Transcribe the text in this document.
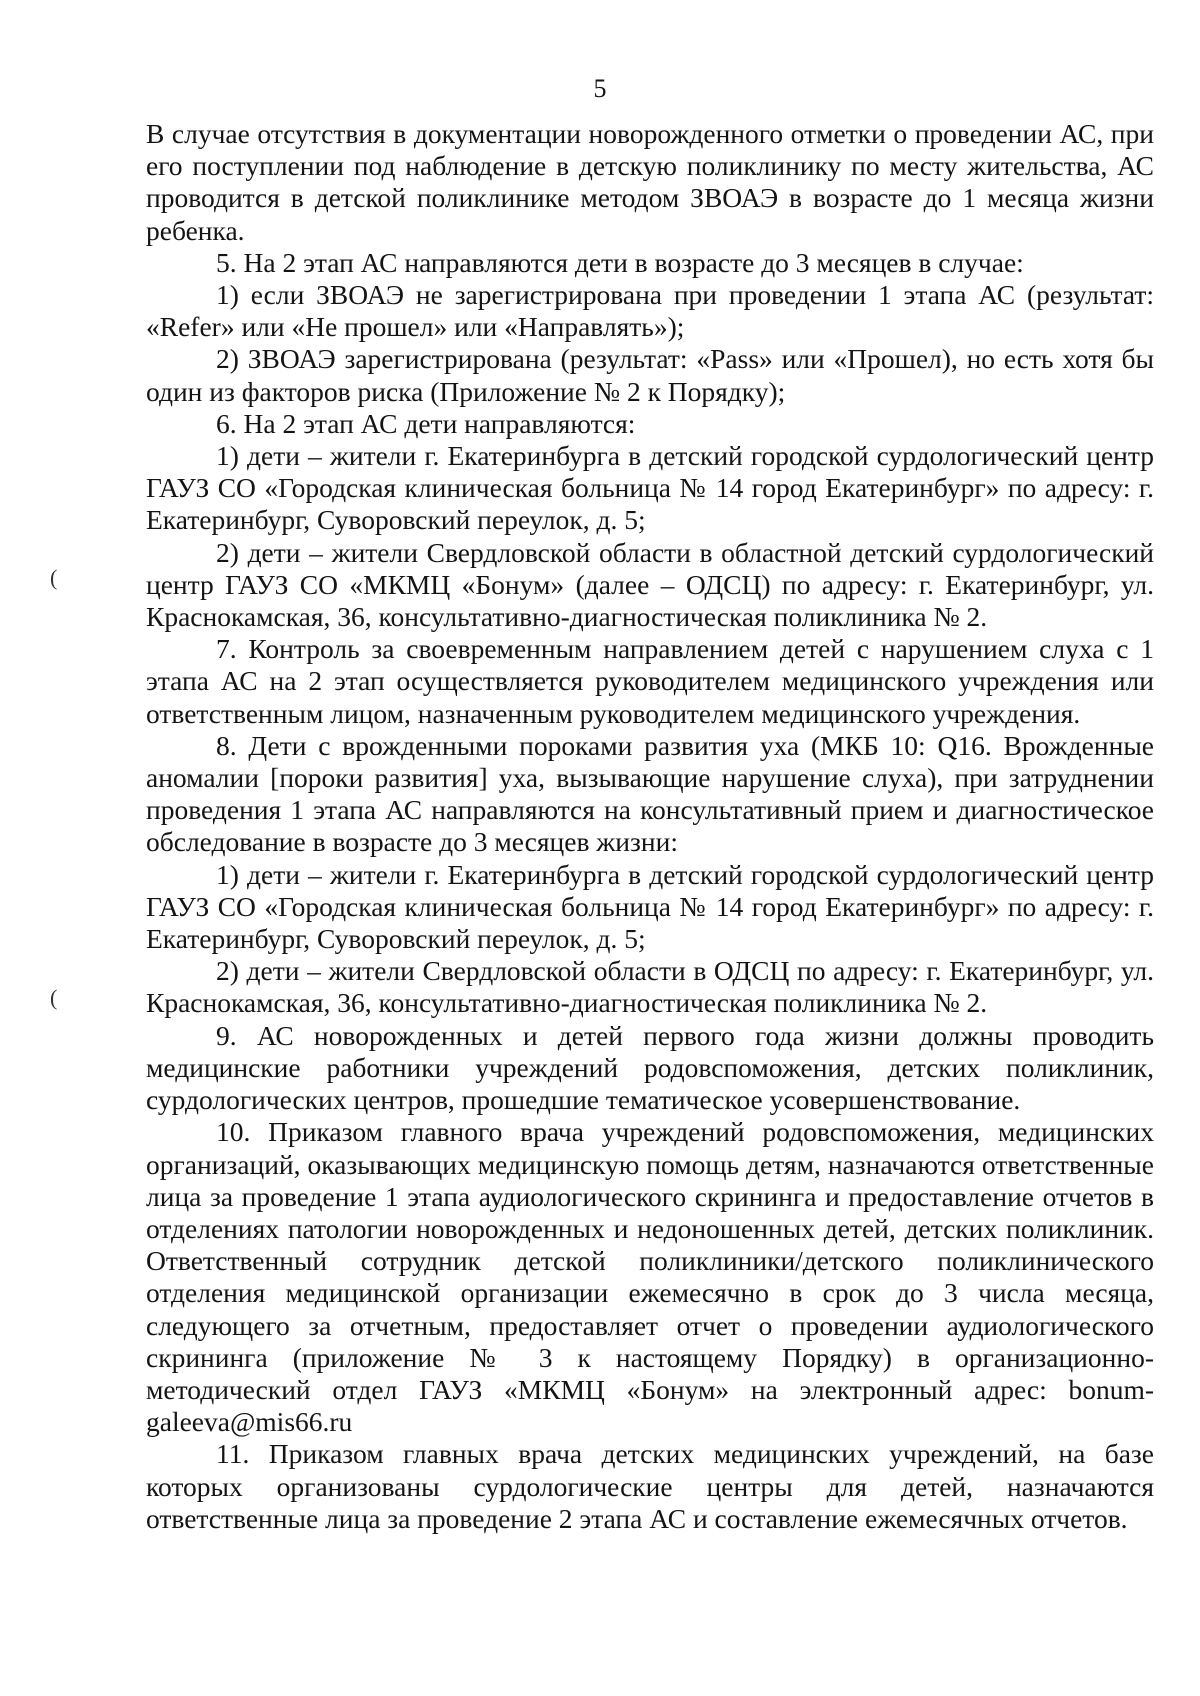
5
(
(

В случае отсутствия в документации новорожденного отметки о проведении АС, при его поступлении под наблюдение в детскую поликлинику по месту жительства, АС проводится в детской поликлинике методом ЗВОАЭ в возрасте до 1 месяца жизни ребенка.

5. На 2 этап АС направляются дети в возрасте до 3 месяцев в случае:

1) если ЗВОАЭ не зарегистрирована при проведении 1 этапа АС (результат: «Refer» или «Не прошел» или «Направлять»);

2) ЗВОАЭ зарегистрирована (результат: «Pass» или «Прошел), но есть хотя бы один из факторов риска (Приложение № 2 к Порядку);

6. На 2 этап АС дети направляются:

1) дети – жители г. Екатеринбурга в детский городской сурдологический центр ГАУЗ СО «Городская клиническая больница № 14 город Екатеринбург» по адресу: г. Екатеринбург, Суворовский переулок, д. 5;

2) дети – жители Свердловской области в областной детский сурдологический центр ГАУЗ СО «МКМЦ «Бонум» (далее – ОДСЦ) по адресу: г. Екатеринбург, ул. Краснокамская, 36, консультативно-диагностическая поликлиника № 2.

7. Контроль за своевременным направлением детей с нарушением слуха с 1 этапа АС на 2 этап осуществляется руководителем медицинского учреждения или ответственным лицом, назначенным руководителем медицинского учреждения.

8. Дети с врожденными пороками развития уха (МКБ 10: Q16. Врожденные аномалии [пороки развития] уха, вызывающие нарушение слуха), при затруднении проведения 1 этапа АС направляются на консультативный прием и диагностическое обследование в возрасте до 3 месяцев жизни:

1) дети – жители г. Екатеринбурга в детский городской сурдологический центр ГАУЗ СО «Городская клиническая больница № 14 город Екатеринбург» по адресу: г. Екатеринбург, Суворовский переулок, д. 5;

2) дети – жители Свердловской области в ОДСЦ по адресу: г. Екатеринбург, ул. Краснокамская, 36, консультативно-диагностическая поликлиника № 2.

9. АС новорожденных и детей первого года жизни должны проводить медицинские работники учреждений родовспоможения, детских поликлиник, сурдологических центров, прошедшие тематическое усовершенствование.

10. Приказом главного врача учреждений родовспоможения, медицинских организаций, оказывающих медицинскую помощь детям, назначаются ответственные лица за проведение 1 этапа аудиологического скрининга и предоставление отчетов в отделениях патологии новорожденных и недоношенных детей, детских поликлиник. Ответственный сотрудник детской поликлиники/детского поликлинического отделения медицинской организации ежемесячно в срок до 3 числа месяца, следующего за отчетным, предоставляет отчет о проведении аудиологического скрининга (приложение № 3 к настоящему Порядку) в организационно-методический отдел ГАУЗ «МКМЦ «Бонум» на электронный адрес: bonum-galeeva@mis66.ru

11. Приказом главных врача детских медицинских учреждений, на базе которых организованы сурдологические центры для детей, назначаются ответственные лица за проведение 2 этапа АС и составление ежемесячных отчетов.
